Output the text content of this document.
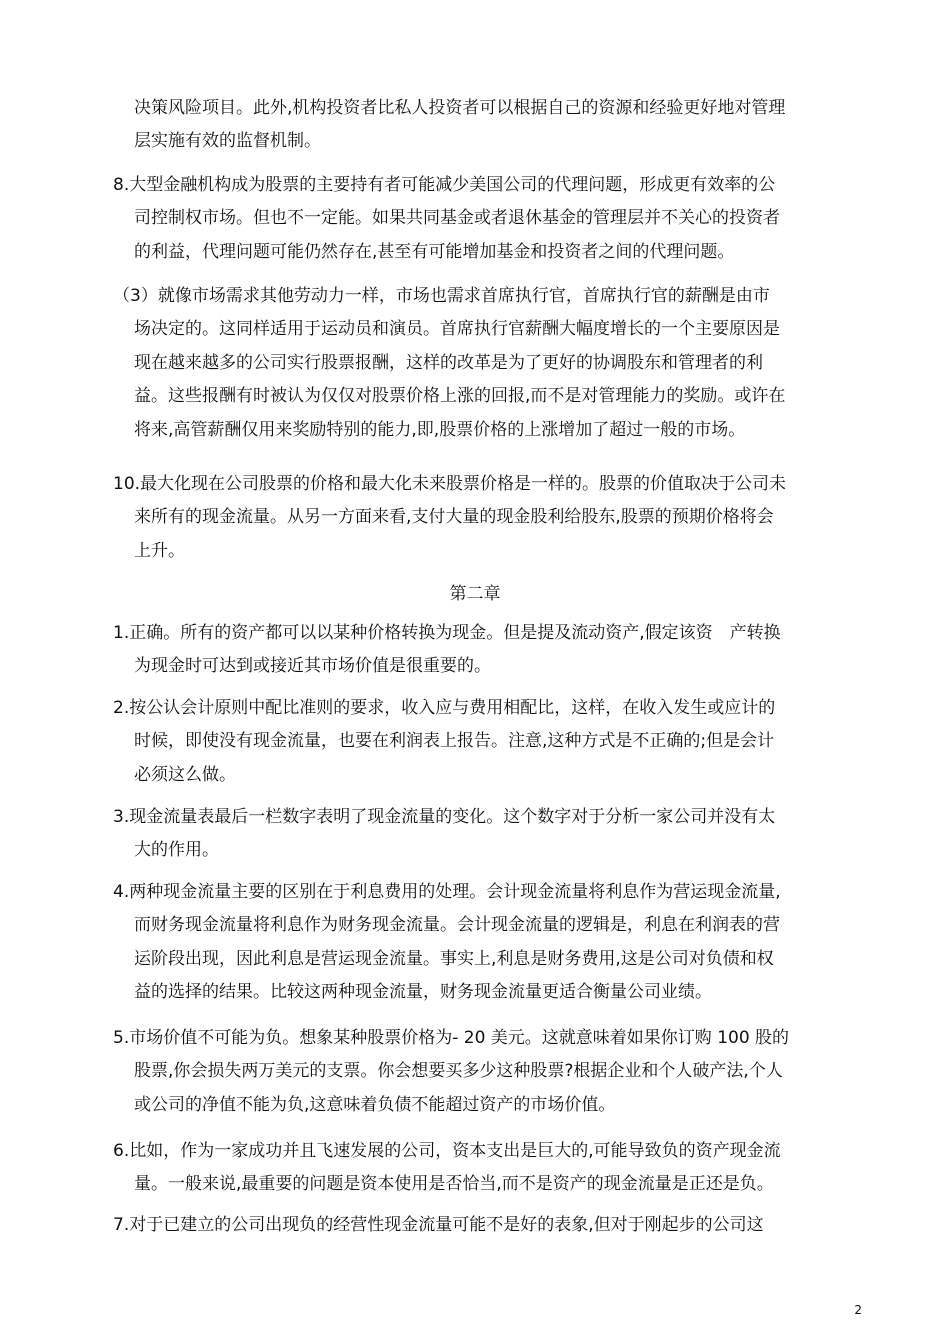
决策风险项目。此外,机构投资者比私人投资者可以根据自己的资源和经验更好地对管理
层实施有效的监督机制。
8.大型金融机构成为股票的主要持有者可能减少美国公司的代理问题，形成更有效率的公
司控制权市场。但也不一定能。如果共同基金或者退休基金的管理层并不关心的投资者
的利益，代理问题可能仍然存在,甚至有可能增加基金和投资者之间的代理问题。
（3）就像市场需求其他劳动力一样，市场也需求首席执行官，首席执行官的薪酬是由市
场决定的。这同样适用于运动员和演员。首席执行官薪酬大幅度增长的一个主要原因是
现在越来越多的公司实行股票报酬，这样的改革是为了更好的协调股东和管理者的利
益。这些报酬有时被认为仅仅对股票价格上涨的回报,而不是对管理能力的奖励。或许在
将来,高管薪酬仅用来奖励特别的能力,即,股票价格的上涨增加了超过一般的市场。
10.最大化现在公司股票的价格和最大化未来股票价格是一样的。股票的价值取决于公司未
来所有的现金流量。从另一方面来看,支付大量的现金股利给股东,股票的预期价格将会
上升。
第二章
1.正确。所有的资产都可以以某种价格转换为现金。但是提及流动资产,假定该资　产转换
为现金时可达到或接近其市场价值是很重要的。
2.按公认会计原则中配比准则的要求，收入应与费用相配比，这样，在收入发生或应计的
时候，即使没有现金流量，也要在利润表上报告。注意,这种方式是不正确的;但是会计
必须这么做。
3.现金流量表最后一栏数字表明了现金流量的变化。这个数字对于分析一家公司并没有太
大的作用。
4.两种现金流量主要的区别在于利息费用的处理。会计现金流量将利息作为营运现金流量,
而财务现金流量将利息作为财务现金流量。会计现金流量的逻辑是，利息在利润表的营
运阶段出现，因此利息是营运现金流量。事实上,利息是财务费用,这是公司对负债和权
益的选择的结果。比较这两种现金流量，财务现金流量更适合衡量公司业绩。
5.市场价值不可能为负。想象某种股票价格为- 20 美元。这就意味着如果你订购 100 股的
股票,你会损失两万美元的支票。你会想要买多少这种股票?根据企业和个人破产法,个人
或公司的净值不能为负,这意味着负债不能超过资产的市场价值。
6.比如，作为一家成功并且飞速发展的公司，资本支出是巨大的,可能导致负的资产现金流
量。一般来说,最重要的问题是资本使用是否恰当,而不是资产的现金流量是正还是负。
7.对于已建立的公司出现负的经营性现金流量可能不是好的表象,但对于刚起步的公司这
2
